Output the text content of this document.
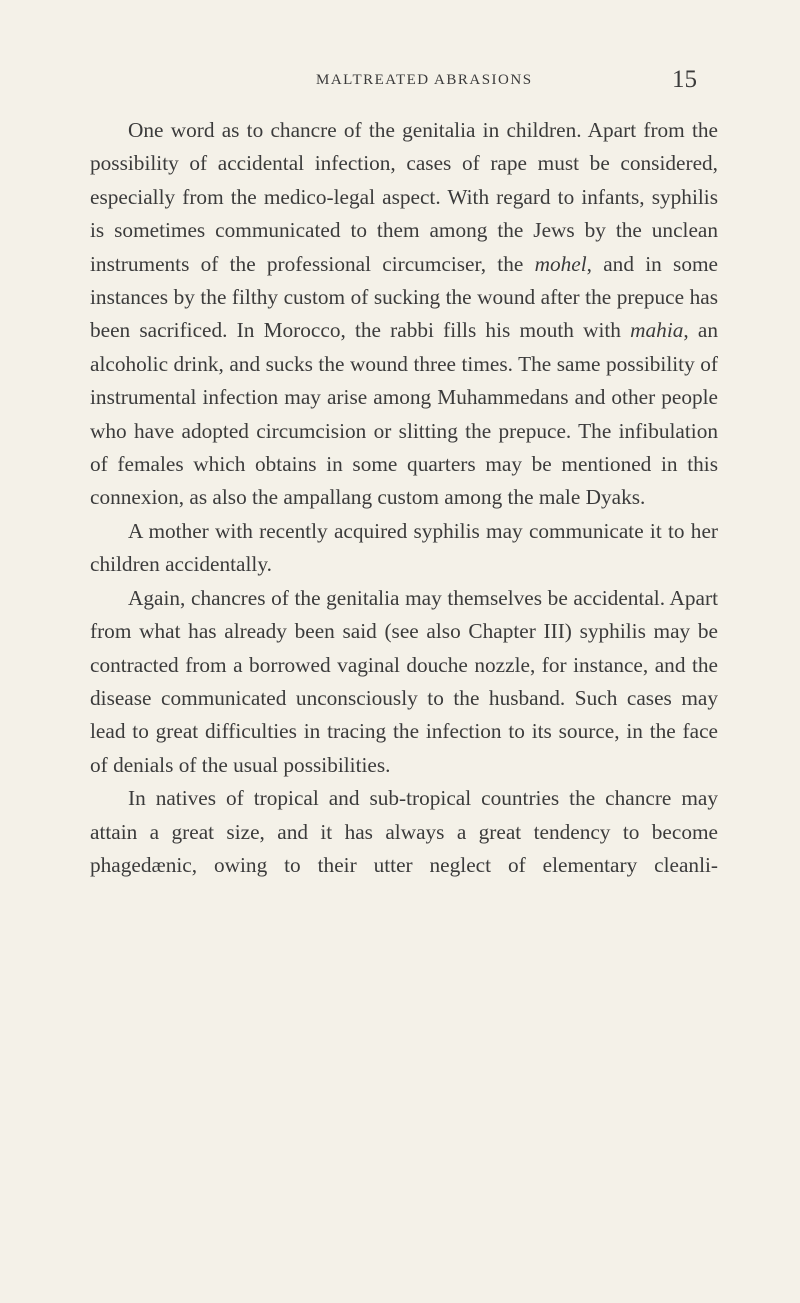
MALTREATED ABRASIONS	15

One word as to chancre of the genitalia in children. Apart from the possibility of accidental infection, cases of rape must be considered, especially from the medico-legal aspect. With regard to infants, syphilis is sometimes communicated to them among the Jews by the unclean instruments of the professional circumciser, the mohel, and in some instances by the filthy custom of sucking the wound after the prepuce has been sacrificed. In Morocco, the rabbi fills his mouth with mahia, an alcoholic drink, and sucks the wound three times. The same possibility of instrumental infection may arise among Muhammedans and other people who have adopted circumcision or slitting the prepuce. The infibulation of females which obtains in some quarters may be mentioned in this connexion, as also the ampallang custom among the male Dyaks.

A mother with recently acquired syphilis may communicate it to her children accidentally.

Again, chancres of the genitalia may themselves be accidental. Apart from what has already been said (see also Chapter III) syphilis may be contracted from a borrowed vaginal douche nozzle, for instance, and the disease communicated unconsciously to the husband. Such cases may lead to great difficulties in tracing the infection to its source, in the face of denials of the usual possibilities.

In natives of tropical and sub-tropical countries the chancre may attain a great size, and it has always a great tendency to become phagedænic, owing to their utter neglect of elementary cleanli-
